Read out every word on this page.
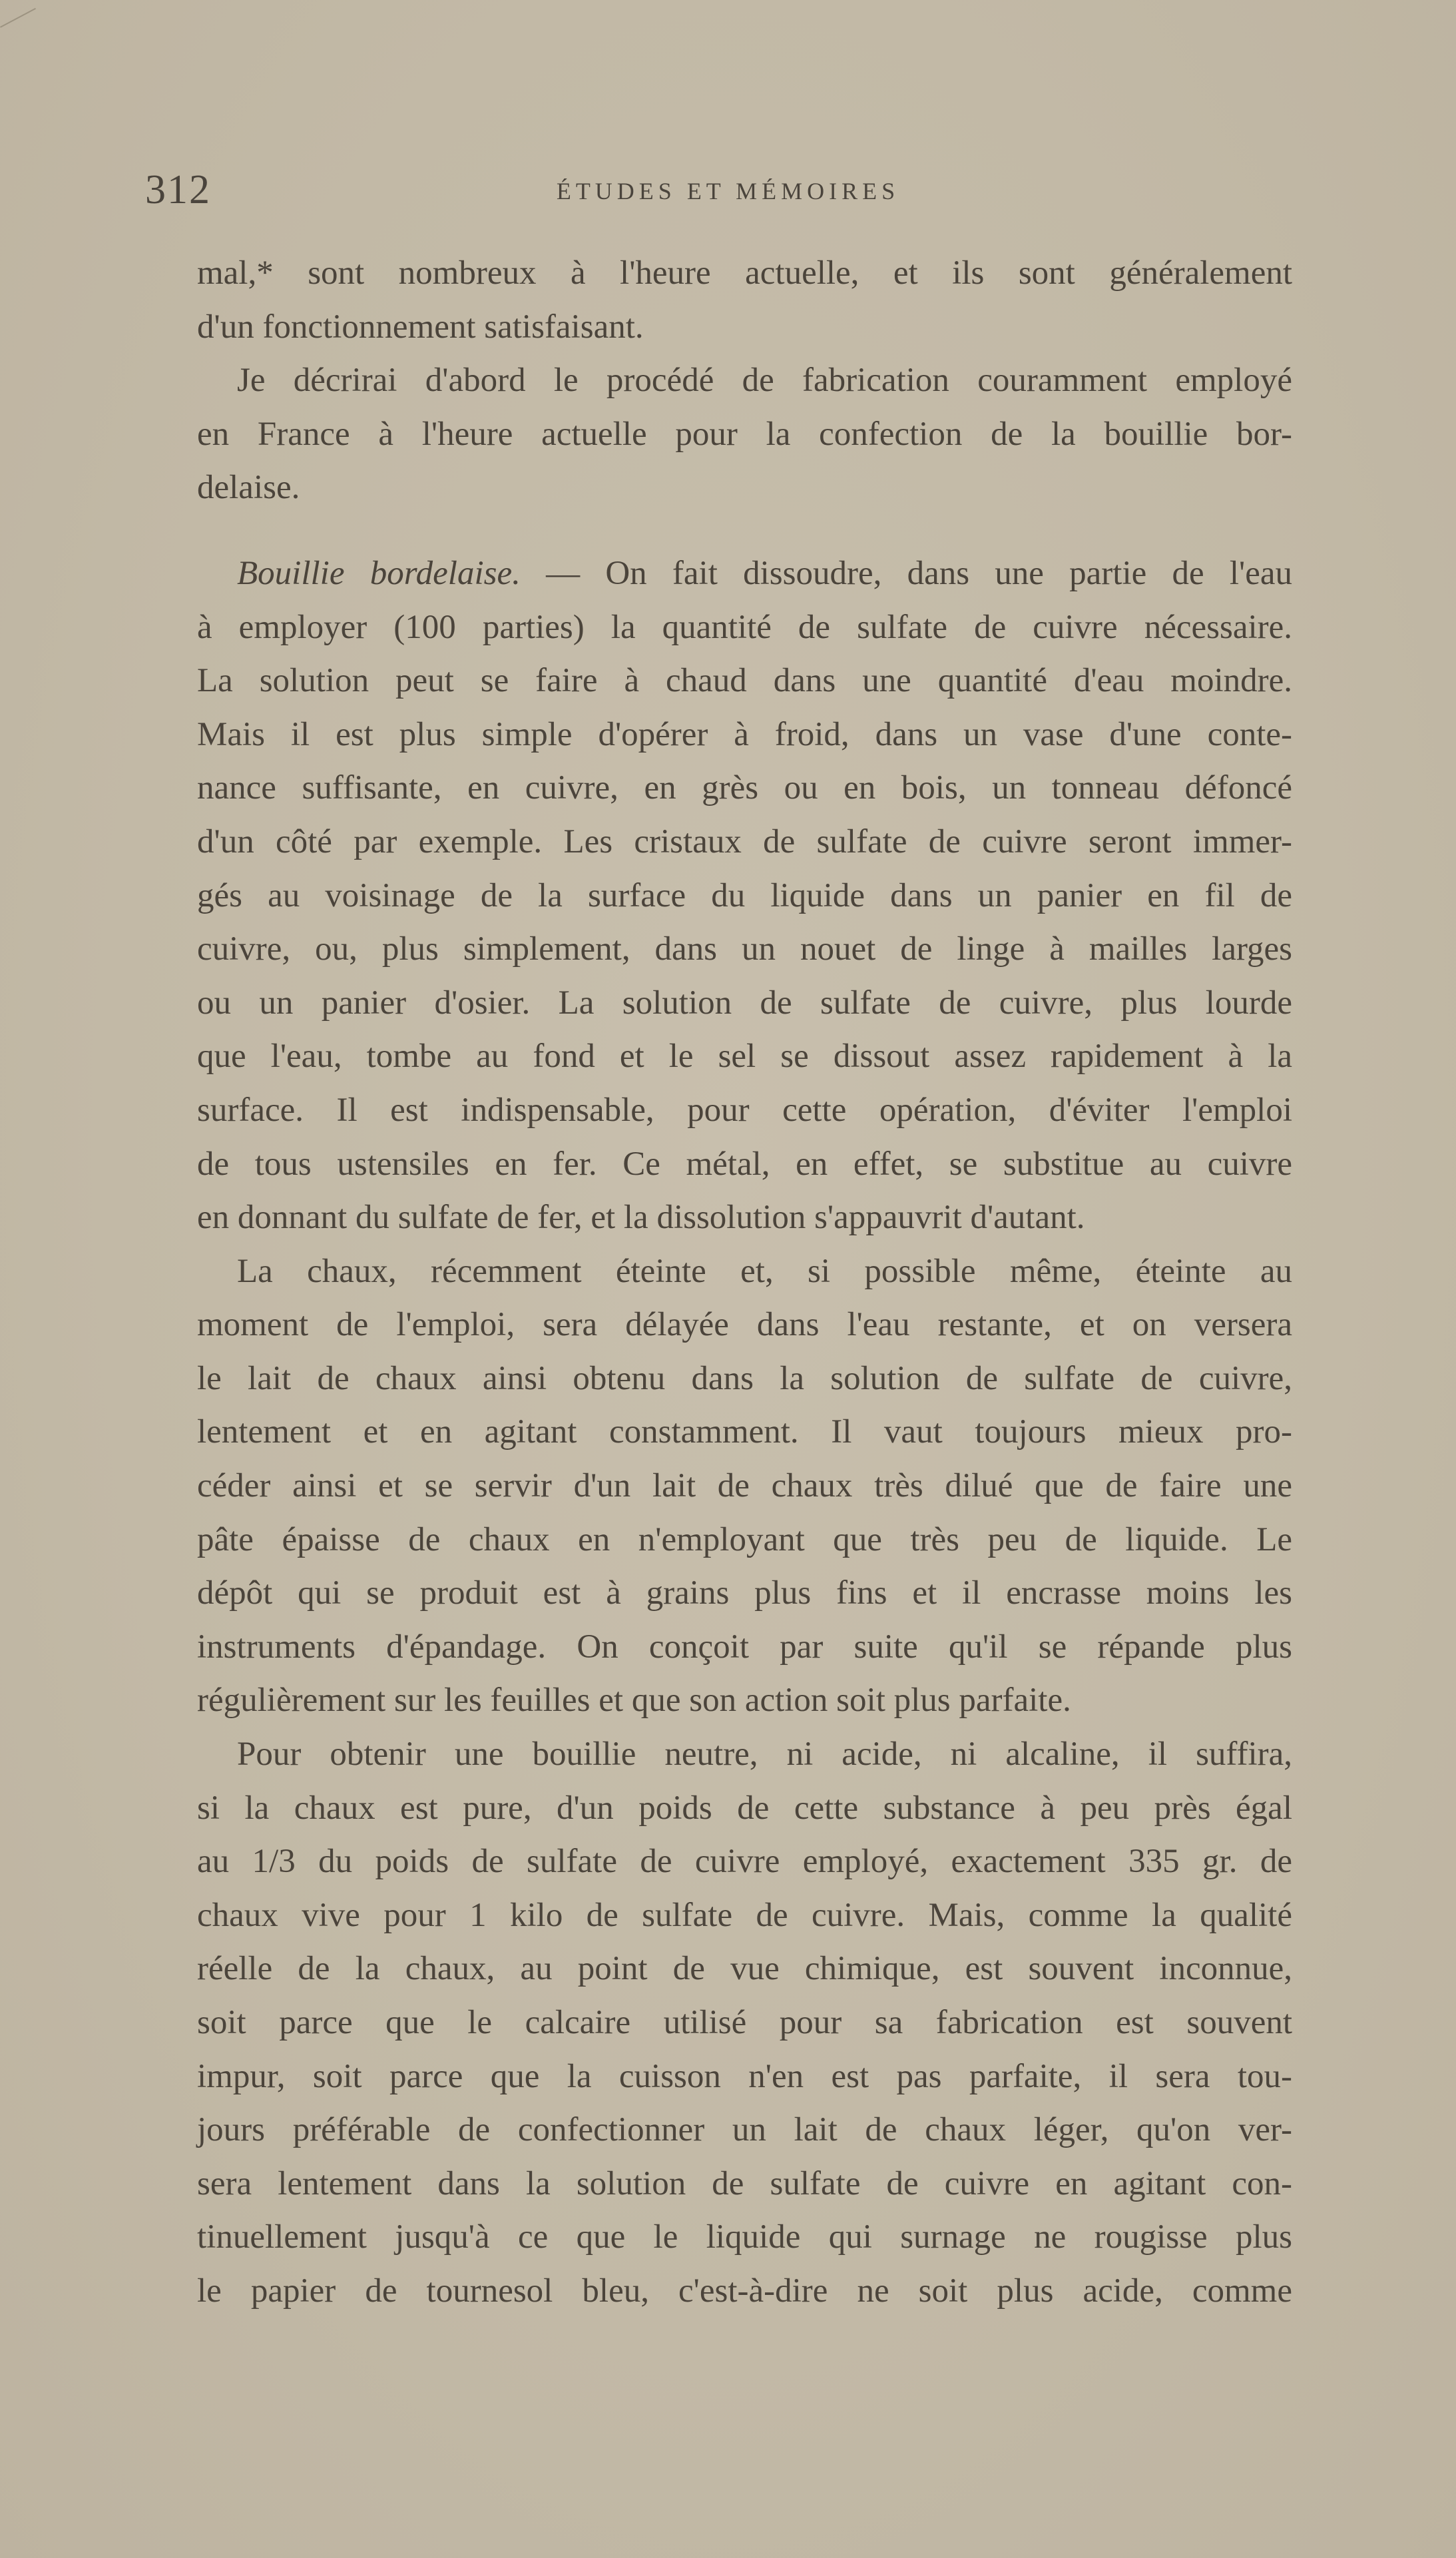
312	ÉTUDES ET MÉMOIRES
mal,* sont nombreux à l'heure actuelle, et ils sont généralement
d'un fonctionnement satisfaisant.
Je décrirai d'abord le procédé de fabrication couramment employé
en France à l'heure actuelle pour la confection de la bouillie bor-
delaise.
Bouillie bordelaise. — On fait dissoudre, dans une partie de l'eau
à employer (100 parties) la quantité de sulfate de cuivre nécessaire.
La solution peut se faire à chaud dans une quantité d'eau moindre.
Mais il est plus simple d'opérer à froid, dans un vase d'une conte-
nance suffisante, en cuivre, en grès ou en bois, un tonneau défoncé
d'un côté par exemple. Les cristaux de sulfate de cuivre seront immer-
gés au voisinage de la surface du liquide dans un panier en fil de
cuivre, ou, plus simplement, dans un nouet de linge à mailles larges
ou un panier d'osier. La solution de sulfate de cuivre, plus lourde
que l'eau, tombe au fond et le sel se dissout assez rapidement à la
surface. Il est indispensable, pour cette opération, d'éviter l'emploi
de tous ustensiles en fer. Ce métal, en effet, se substitue au cuivre
en donnant du sulfate de fer, et la dissolution s'appauvrit d'autant.
La chaux, récemment éteinte et, si possible même, éteinte au
moment de l'emploi, sera délayée dans l'eau restante, et on versera
le lait de chaux ainsi obtenu dans la solution de sulfate de cuivre,
lentement et en agitant constamment. Il vaut toujours mieux pro-
céder ainsi et se servir d'un lait de chaux très dilué que de faire une
pâte épaisse de chaux en n'employant que très peu de liquide. Le
dépôt qui se produit est à grains plus fins et il encrasse moins les
instruments d'épandage. On conçoit par suite qu'il se répande plus
régulièrement sur les feuilles et que son action soit plus parfaite.
Pour obtenir une bouillie neutre, ni acide, ni alcaline, il suffira,
si la chaux est pure, d'un poids de cette substance à peu près égal
au 1/3 du poids de sulfate de cuivre employé, exactement 335 gr. de
chaux vive pour 1 kilo de sulfate de cuivre. Mais, comme la qualité
réelle de la chaux, au point de vue chimique, est souvent inconnue,
soit parce que le calcaire utilisé pour sa fabrication est souvent
impur, soit parce que la cuisson n'en est pas parfaite, il sera tou-
jours préférable de confectionner un lait de chaux léger, qu'on ver-
sera lentement dans la solution de sulfate de cuivre en agitant con-
tinuellement jusqu'à ce que le liquide qui surnage ne rougisse plus
le papier de tournesol bleu, c'est-à-dire ne soit plus acide, comme
